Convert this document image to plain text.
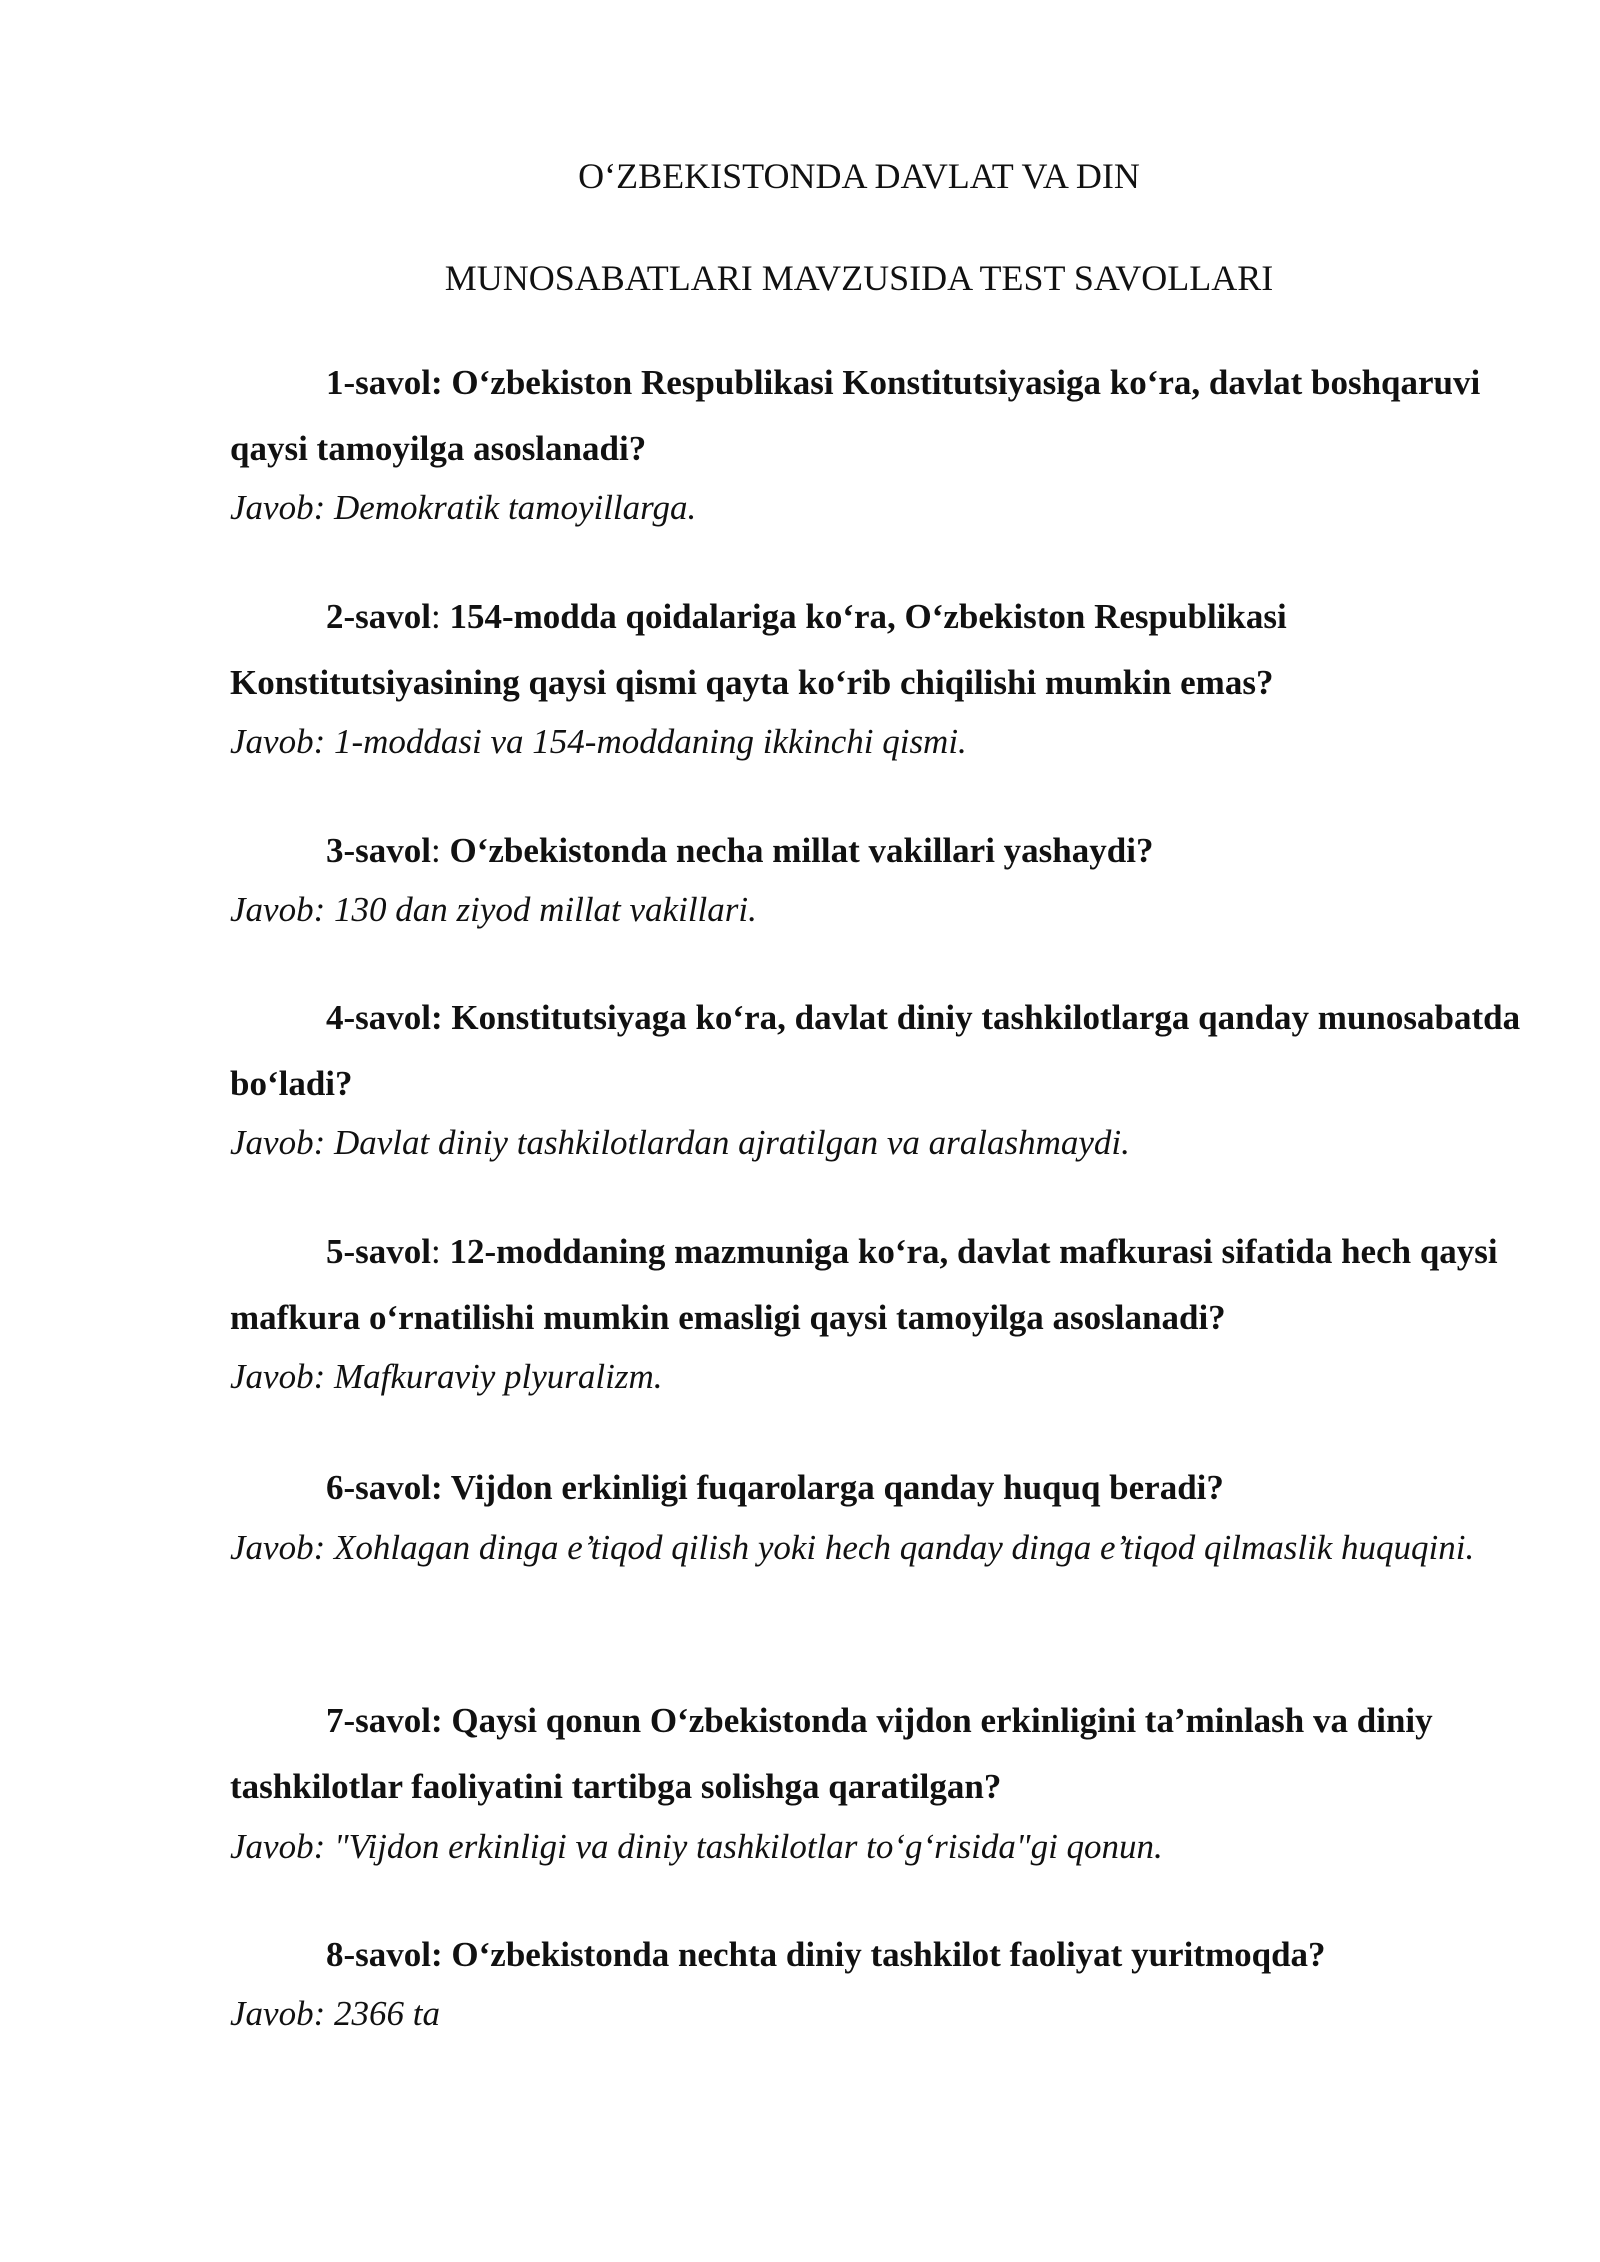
O‘ZBEKISTONDA DAVLAT VA DIN
MUNOSABATLARI MAVZUSIDA TEST SAVOLLARI

1-savol: O‘zbekiston Respublikasi Konstitutsiyasiga ko‘ra, davlat boshqaruvi qaysi tamoyilga asoslanadi?

Javob: Demokratik tamoyillarga.

2-savol: 154-modda qoidalariga ko‘ra, O‘zbekiston Respublikasi Konstitutsiyasining qaysi qismi qayta ko‘rib chiqilishi mumkin emas?

Javob: 1-moddasi va 154-moddaning ikkinchi qismi.

3-savol: O‘zbekistonda necha millat vakillari yashaydi?

Javob: 130 dan ziyod millat vakillari.

4-savol: Konstitutsiyaga ko‘ra, davlat diniy tashkilotlarga qanday munosabatda bo‘ladi?

Javob: Davlat diniy tashkilotlardan ajratilgan va aralashmaydi.

5-savol: 12-moddaning mazmuniga ko‘ra, davlat mafkurasi sifatida hech qaysi mafkura o‘rnatilishi mumkin emasligi qaysi tamoyilga asoslanadi?

Javob: Mafkuraviy plyuralizm.

6-savol: Vijdon erkinligi fuqarolarga qanday huquq beradi?

Javob: Xohlagan dinga e’tiqod qilish yoki hech qanday dinga e’tiqod qilmaslik huquqini.

7-savol: Qaysi qonun O‘zbekistonda vijdon erkinligini ta’minlash va diniy tashkilotlar faoliyatini tartibga solishga qaratilgan?

Javob: "Vijdon erkinligi va diniy tashkilotlar to‘g‘risida"gi qonun.

8-savol: O‘zbekistonda nechta diniy tashkilot faoliyat yuritmoqda?

Javob: 2366 ta
